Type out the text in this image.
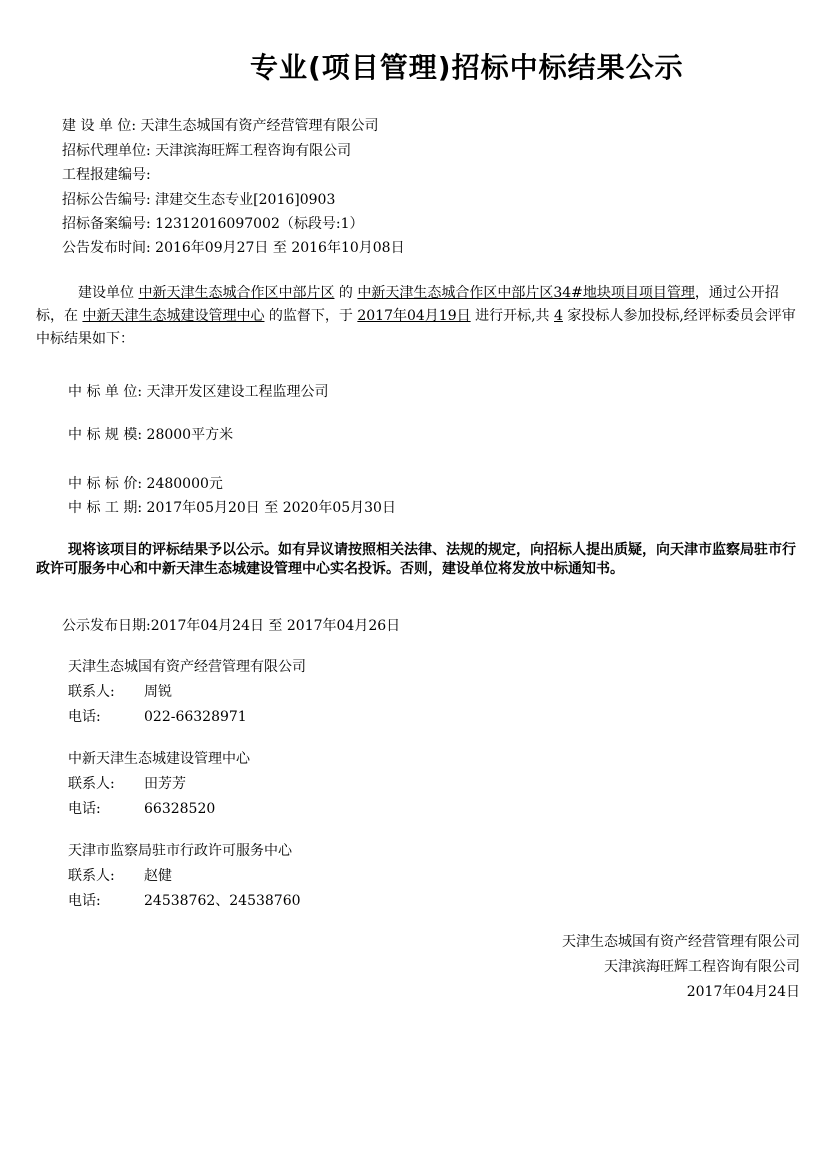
专业(项目管理)招标中标结果公示
建 设 单 位: 天津生态城国有资产经营管理有限公司
招标代理单位: 天津滨海旺辉工程咨询有限公司
工程报建编号:
招标公告编号: 津建交生态专业[2016]0903
招标备案编号: 12312016097002（标段号:1）
公告发布时间: 2016年09月27日 至 2016年10月08日
建设单位 中新天津生态城合作区中部片区 的 中新天津生态城合作区中部片区34#地块项目项目管理，通过公开招标，在 中新天津生态城建设管理中心 的监督下，于 2017年04月19日 进行开标,共 4 家投标人参加投标,经评标委员会评审中标结果如下：
中 标 单 位: 天津开发区建设工程监理公司
中 标 规 模: 28000平方米
中 标 标 价: 2480000元
中 标 工 期: 2017年05月20日 至 2020年05月30日
现将该项目的评标结果予以公示。如有异议请按照相关法律、法规的规定，向招标人提出质疑，向天津市监察局驻市行政许可服务中心和中新天津生态城建设管理中心实名投诉。否则，建设单位将发放中标通知书。
公示发布日期:2017年04月24日 至 2017年04月26日
天津生态城国有资产经营管理有限公司
联系人: 周锐
电话:	022-66328971
中新天津生态城建设管理中心
联系人: 田芳芳
电话:	66328520
天津市监察局驻市行政许可服务中心
联系人: 赵健
电话:	24538762、24538760
天津生态城国有资产经营管理有限公司
天津滨海旺辉工程咨询有限公司
2017年04月24日
